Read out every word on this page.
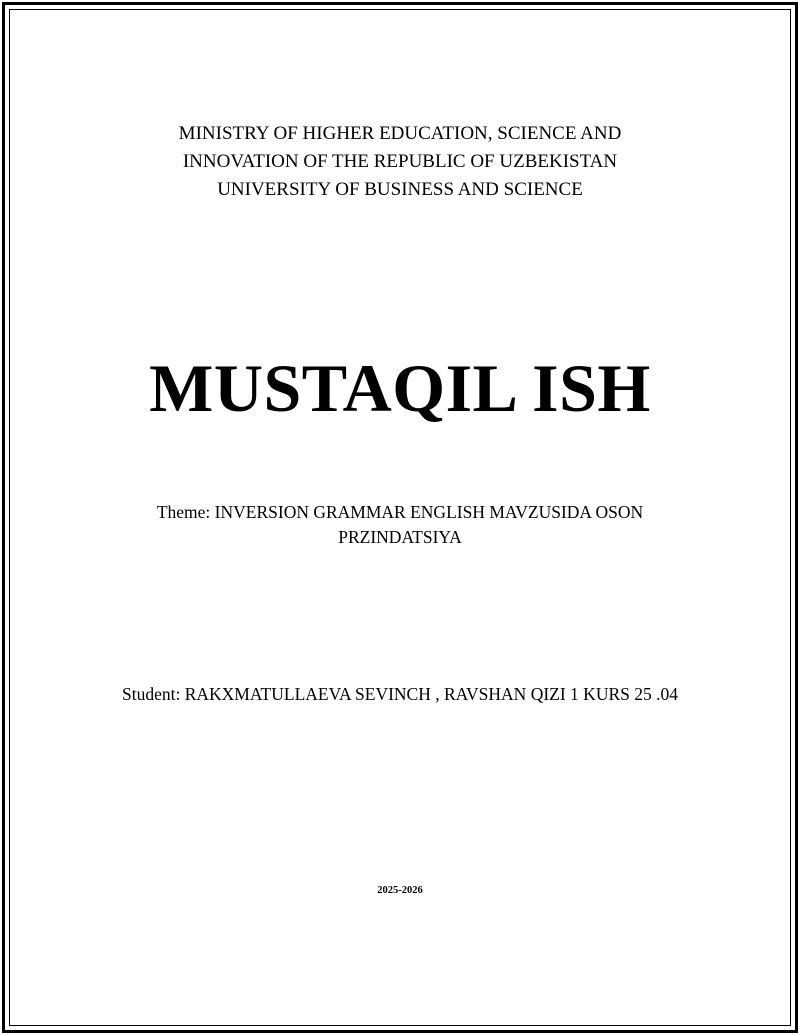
MINISTRY OF HIGHER EDUCATION, SCIENCE AND
INNOVATION OF THE REPUBLIC OF UZBEKISTAN
UNIVERSITY OF BUSINESS AND SCIENCE
MUSTAQIL ISH
Theme: INVERSION GRAMMAR ENGLISH MAVZUSIDA OSON PRZINDATSIYA
Student: RAKXMATULLAEVA SEVINCH , RAVSHAN QIZI 1 KURS 25 .04
2025-2026
